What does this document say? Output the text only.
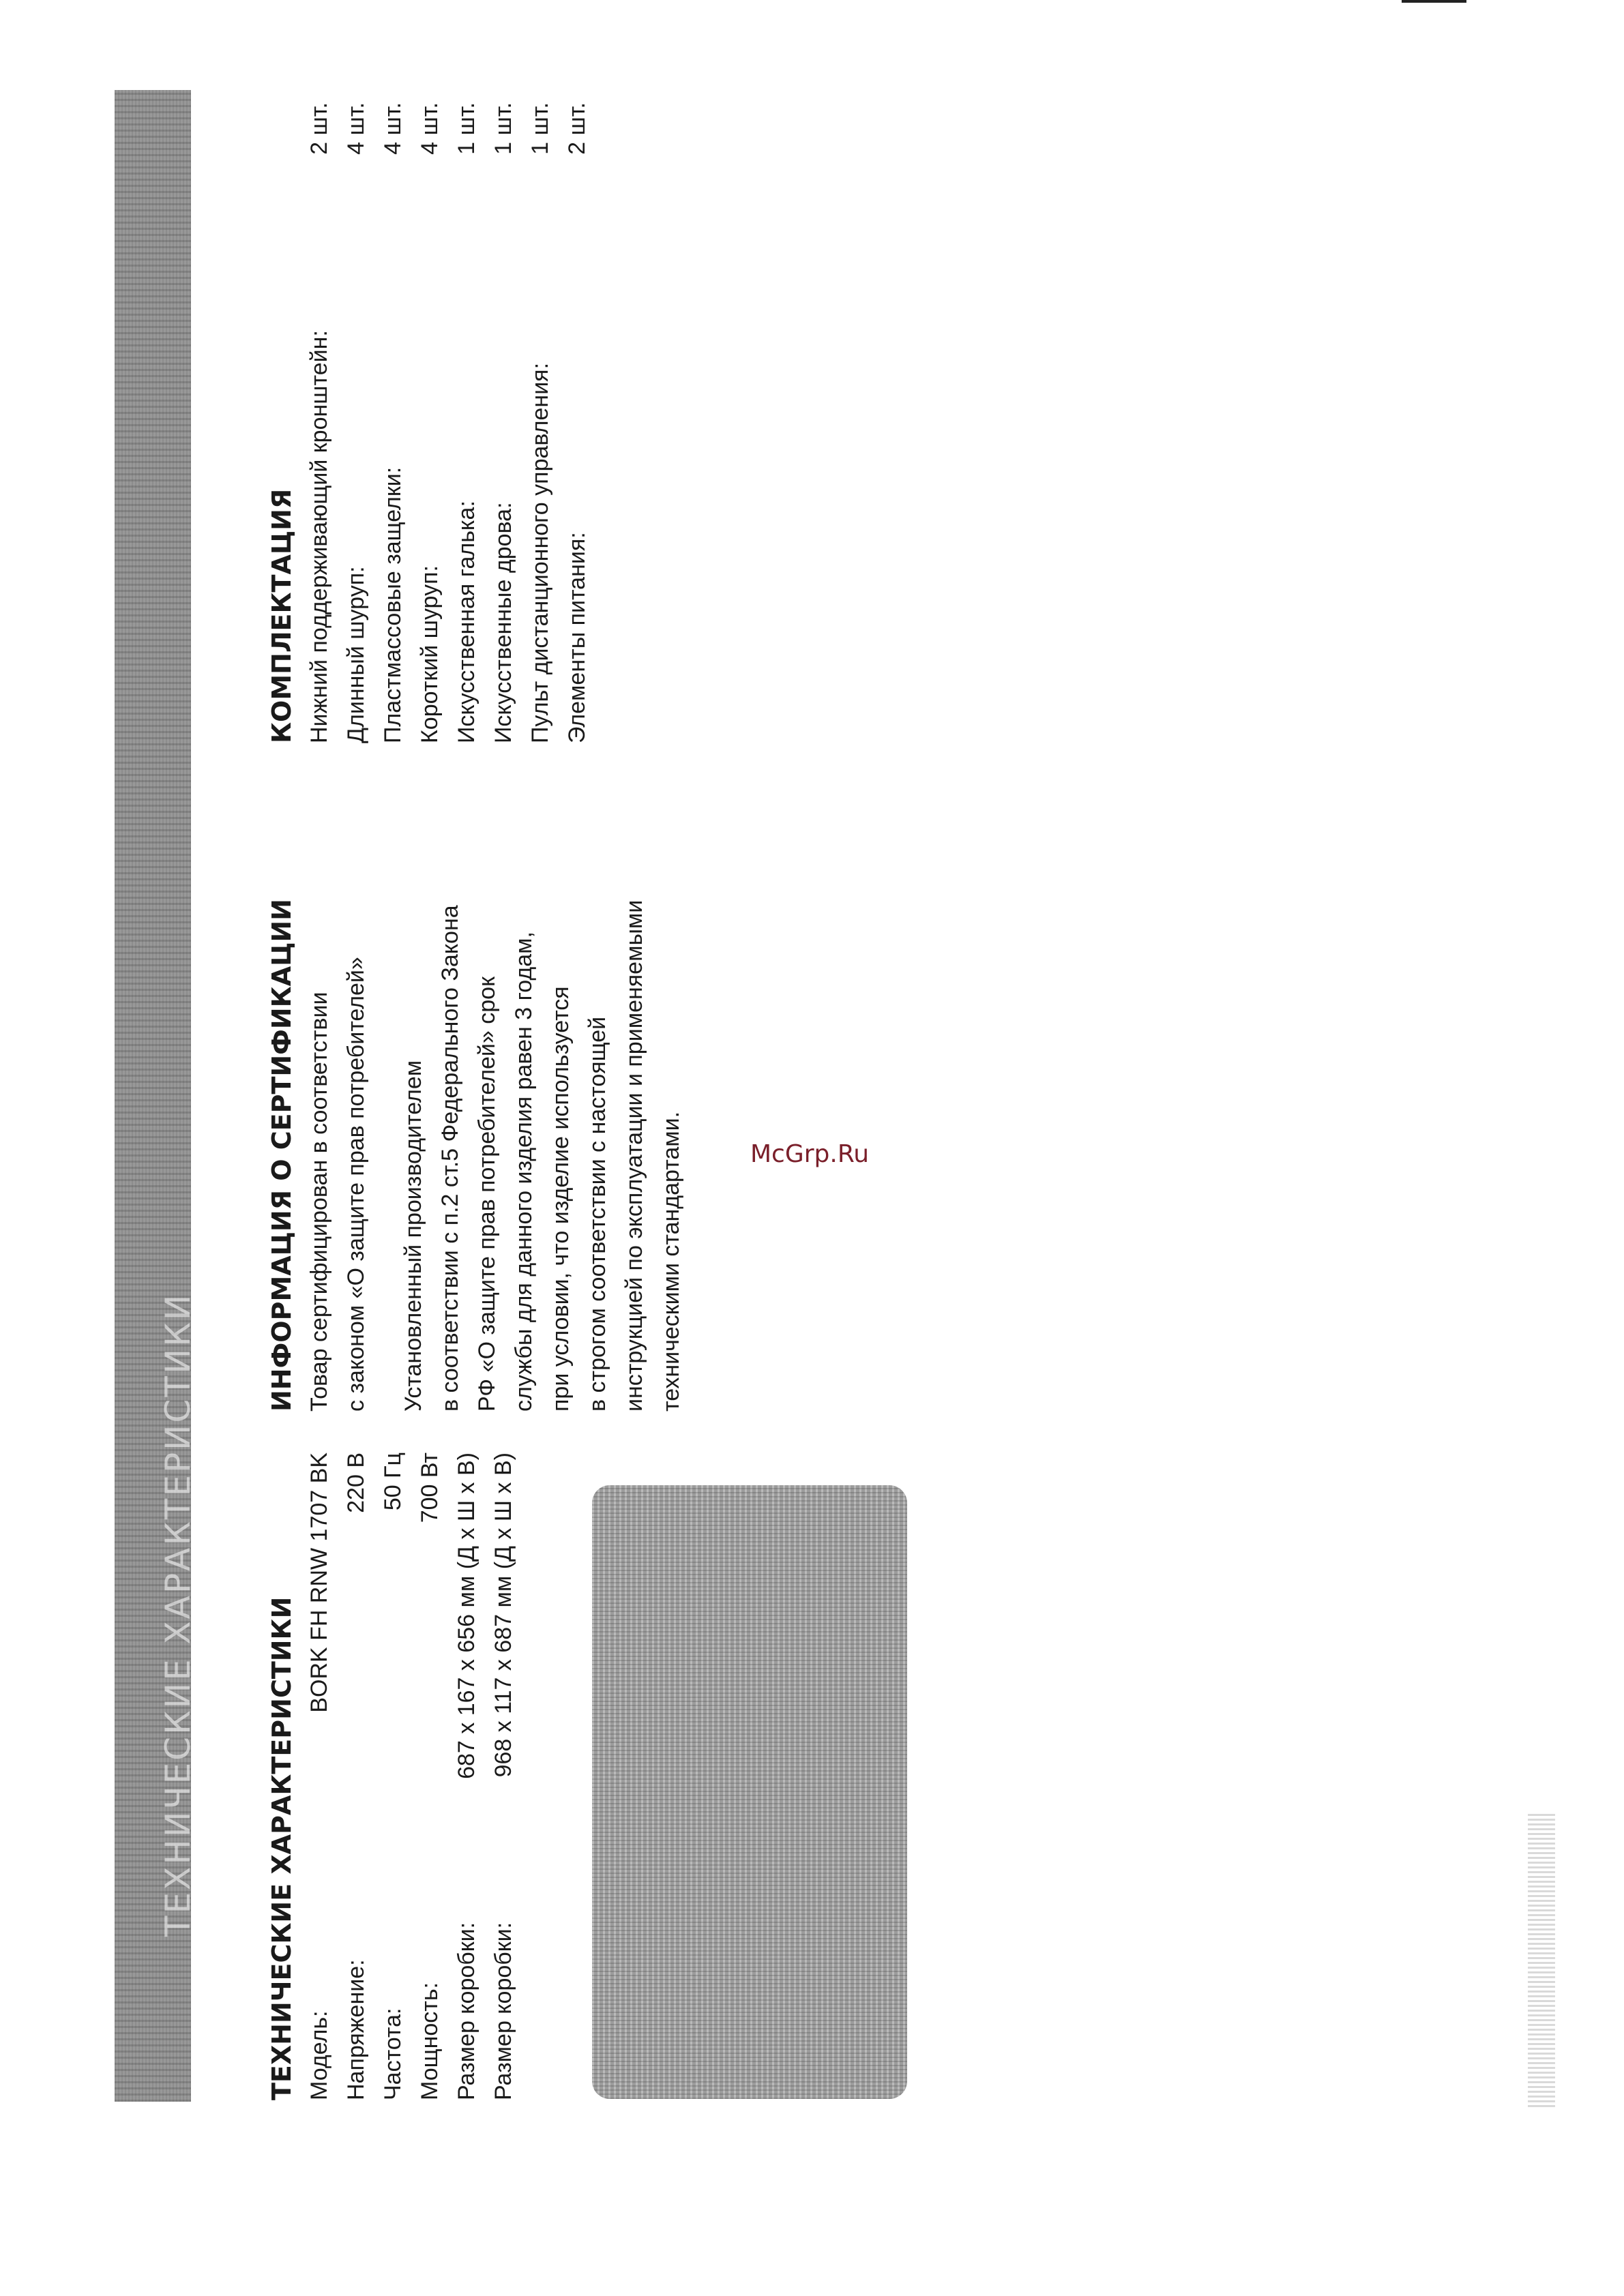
ТЕХНИЧЕСКИЕ ХАРАКТЕРИСТИКИ	ТЕХНИЧЕСКИЕ ХАРАКТЕРИСТИКИ Модель:
BORK FH RNW 1707 BK
Напряжение:
220 В
Частота:
50 Гц
Мощность:
700 Вт
Размер коробки:
687 х 167 х 656 мм (Д х Ш х В)
Размер коробки:
968 х 117 х 687 мм (Д х Ш х В)
ИНФОРМАЦИЯ О СЕРТИФИКАЦИИ Товар сертифицирован в соответствии с законом «О защите прав потребителей» Установленный производителем в соответствии с п.2 ст.5 Федерального Закона РФ «О защите прав потребителей» срок службы для данного изделия равен 3 годам, при условии, что изделие используется в строгом соответствии с настоящей инструкцией по эксплуатации и применяемыми техническими стандартами.
КОМПЛЕКТАЦИЯ Нижний поддерживающий кронштейн:
2 шт.
Длинный шуруп:
4 шт.
Пластмассовые защелки:
4 шт.
Короткий шуруп:
4 шт.
Искусственная галька:
1 шт.
Искусственные дрова:
1 шт.
Пульт дистанционного управления:
1 шт.
Элементы питания:
2 шт.
McGrp.Ru
